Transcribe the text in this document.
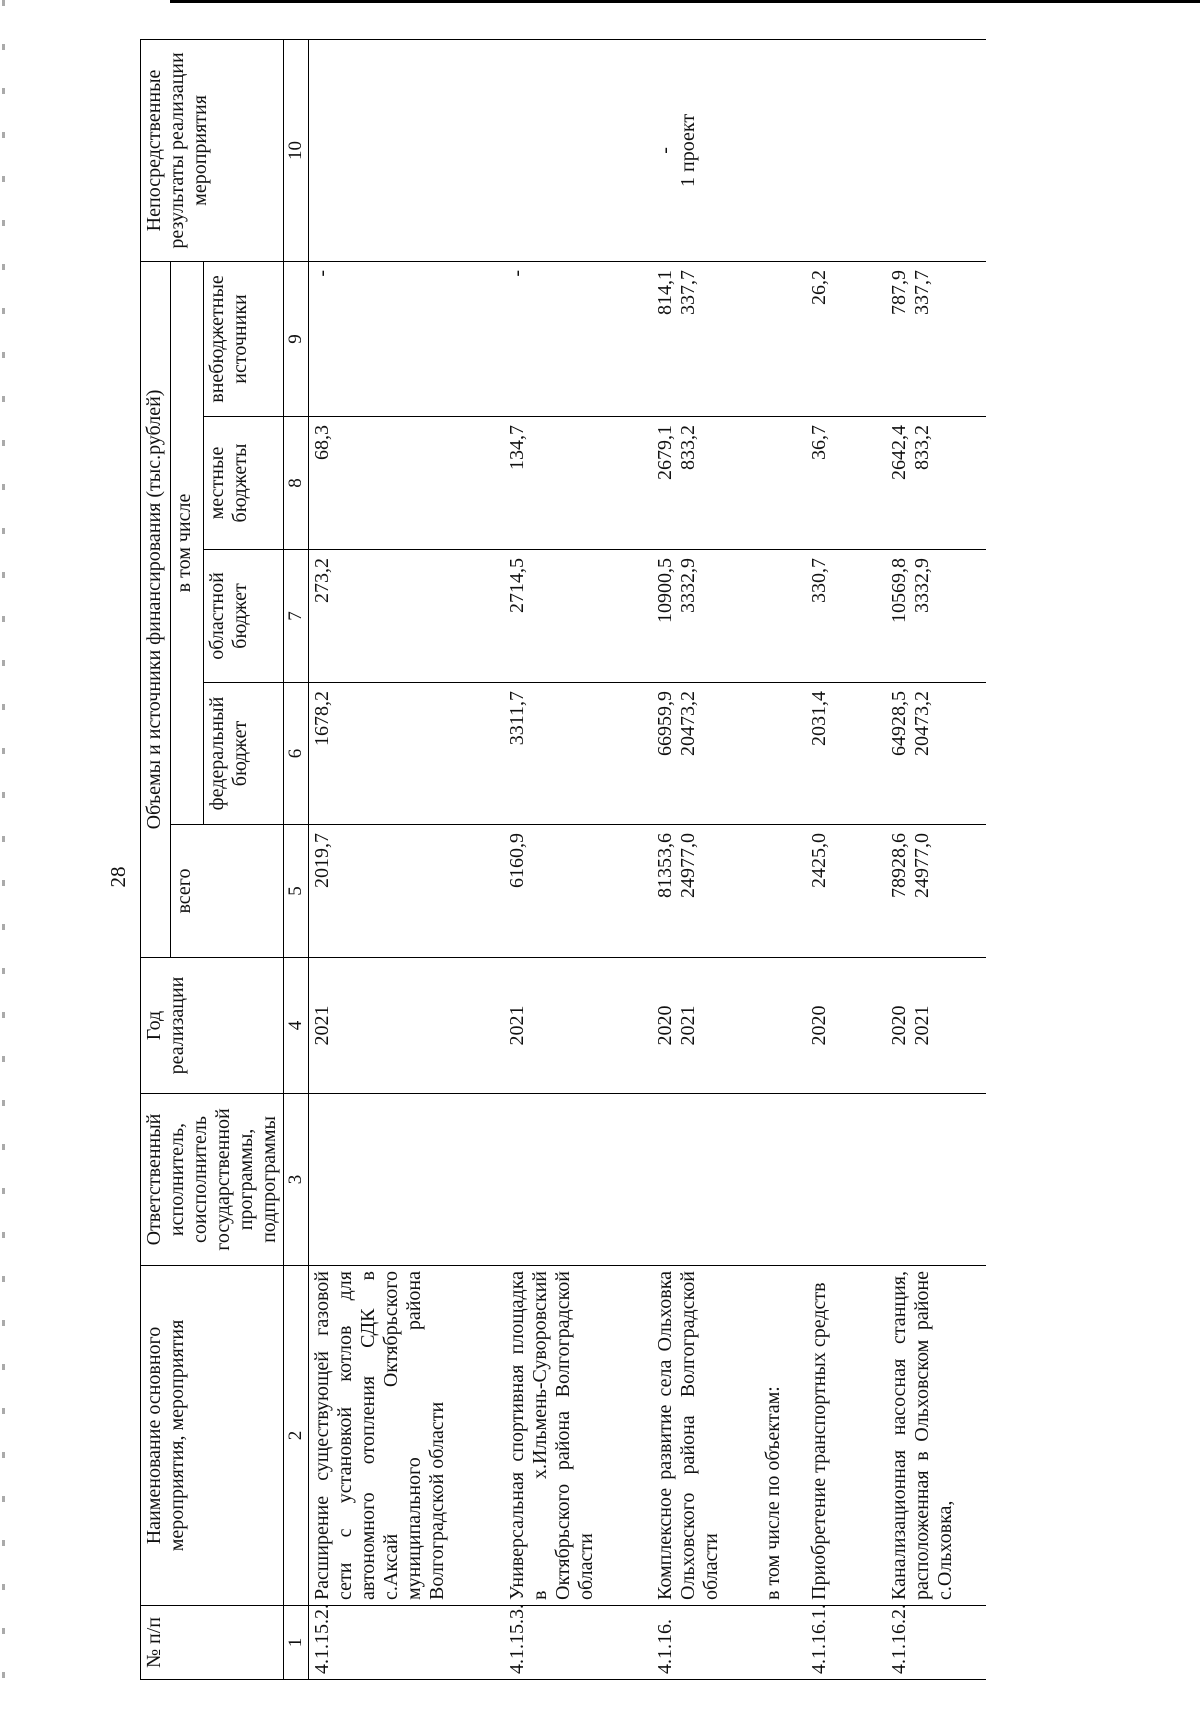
28
№ п/п	Наименование основного мероприятия, мероприятия	Ответственный исполнитель, соисполнитель государственной программы, подпрограммы	Год реализации	Объемы и источники финансирования (тыс.рублей)					Непосредственные результаты реализации мероприятия
				всего	в том числе				
					федеральный бюджет	областной бюджет	местные бюджеты	внебюджетные источники	
1	2	3	4	5	6	7	8	9	10
4.1.15.2.	Расширение существующей газовой сети с установкой котлов для автономного отопления СДК в с.Аксай Октябрьского муниципального района Волгоградской области		2021	2019,7	1678,2	273,2	68,3	-	

4.1.15.3.	Универсальная спортивная площадка в х.Ильмень-Суворовский Октябрьского района Волгоградской области		2021	6160,9	3311,7	2714,5	134,7	-	

4.1.16.	Комплексное развитие села Ольховка Ольховского района Волгоградской области		2020 2021	81353,6 24977,0	66959,9 20473,2	10900,5 3332,9	2679,1 833,2	814,1 337,7	- 1 проект

	в том числе по объектам:		

4.1.16.1.	Приобретение транспортных средств		2020	2425,0	2031,4	330,7	36,7	26,2	

4.1.16.2.	Канализационная насосная станция, расположенная в Ольховском районе с.Ольховка,		2020 2021	78928,6 24977,0	64928,5 20473,2	10569,8 3332,9	2642,4 833,2	787,9 337,7	
